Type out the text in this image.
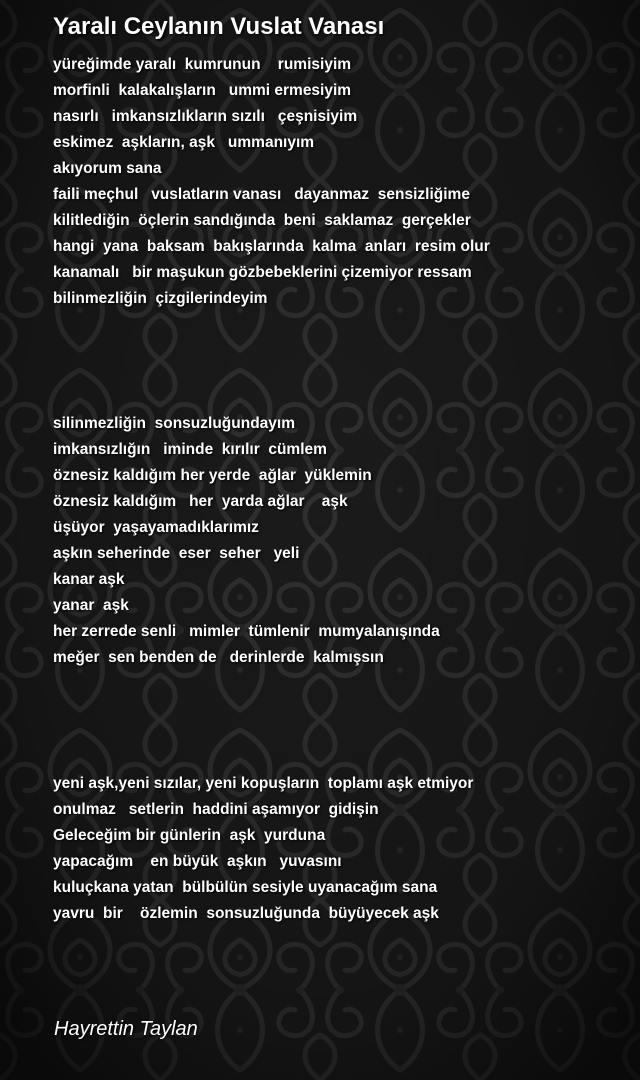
Yaralı Ceylanın Vuslat Vanası
yüreğimde yaralı  kumrunun    rumisiyim
morfinli  kalakalışların   ummi ermesiyim
nasırlı   imkansızlıkların sızılı   çeşnisiyim
eskimez  aşkların, aşk   ummanıyım
akıyorum sana
faili meçhul   vuslatların vanası   dayanmaz  sensizliğime
kilitlediğin  öçlerin sandığında  beni  saklamaz  gerçekler
hangi  yana  baksam  bakışlarında  kalma  anları  resim olur
kanamalı   bir maşukun gözbebeklerini çizemiyor ressam
bilinmezliğin  çizgilerindeyim
silinmezliğin  sonsuzluğundayım
imkansızlığın   iminde  kırılır  cümlem
öznesiz kaldığım her yerde  ağlar  yüklemin
öznesiz kaldığım   her  yarda ağlar    aşk
üşüyor  yaşayamadıklarımız
aşkın seherinde  eser  seher   yeli
kanar aşk
yanar  aşk
her zerrede senli   mimler  tümlenir  mumyalanışında
meğer  sen benden de   derinlerde  kalmışsın
yeni aşk,yeni sızılar, yeni kopuşların  toplamı aşk etmiyor
onulmaz   setlerin  haddini aşamıyor  gidişin
Geleceğim bir günlerin  aşk  yurduna
yapacağım    en büyük  aşkın   yuvasını
kuluçkana yatan  bülbülün sesiyle uyanacağım sana
yavru  bir    özlemin  sonsuzluğunda  büyüyecek aşk
Hayrettin Taylan
